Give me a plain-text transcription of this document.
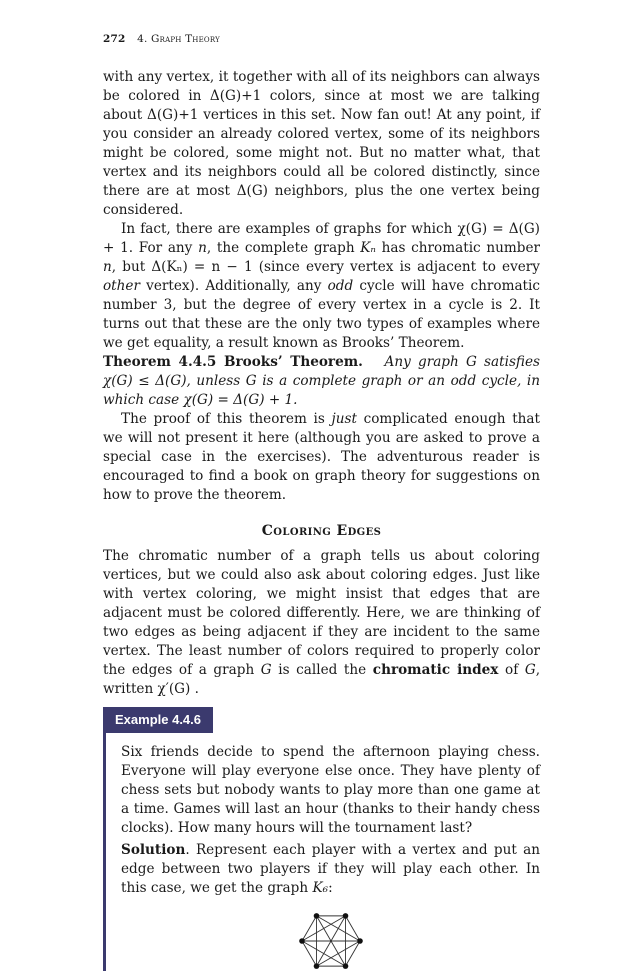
272 4. Graph Theory

with any vertex, it together with all of its neighbors can always be colored in Δ(G)+1 colors, since at most we are talking about Δ(G)+1 vertices in this set. Now fan out! At any point, if you consider an already colored vertex, some of its neighbors might be colored, some might not. But no matter what, that vertex and its neighbors could all be colored distinctly, since there are at most Δ(G) neighbors, plus the one vertex being considered.

In fact, there are examples of graphs for which χ(G) = Δ(G) + 1. For any n, the complete graph Kₙ has chromatic number n, but Δ(Kₙ) = n − 1 (since every vertex is adjacent to every other vertex). Additionally, any odd cycle will have chromatic number 3, but the degree of every vertex in a cycle is 2. It turns out that these are the only two types of examples where we get equality, a result known as Brooks’ Theorem.

Theorem 4.4.5 Brooks’ Theorem. Any graph G satisfies χ(G) ≤ Δ(G), unless G is a complete graph or an odd cycle, in which case χ(G) = Δ(G) + 1.

The proof of this theorem is just complicated enough that we will not present it here (although you are asked to prove a special case in the exercises). The adventurous reader is encouraged to find a book on graph theory for suggestions on how to prove the theorem.

Coloring Edges

The chromatic number of a graph tells us about coloring vertices, but we could also ask about coloring edges. Just like with vertex coloring, we might insist that edges that are adjacent must be colored differently. Here, we are thinking of two edges as being adjacent if they are incident to the same vertex. The least number of colors required to properly color the edges of a graph G is called the chromatic index of G, written χ′(G) .

Example 4.4.6

Six friends decide to spend the afternoon playing chess. Everyone will play everyone else once. They have plenty of chess sets but nobody wants to play more than one game at a time. Games will last an hour (thanks to their handy chess clocks). How many hours will the tournament last?

Solution. Represent each player with a vertex and put an edge between two players if they will play each other. In this case, we get the graph K₆:
